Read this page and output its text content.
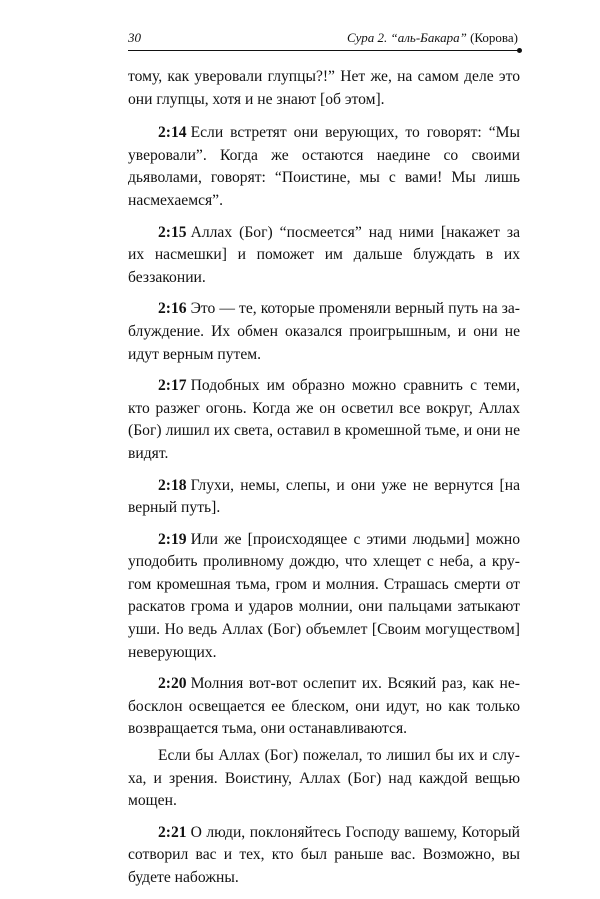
30	Сура 2. “аль-Бакара” (Корова)

тому, как уверовали глупцы?!” Нет же, на самом деле это они глупцы, хотя и не знают [об этом].

2:14 Если встретят они верующих, то говорят: “Мы уверовали”. Когда же остаются наедине со своими дьяволами, говорят: “Поистине, мы с вами! Мы лишь насмехаемся”.

2:15 Аллах (Бог) “посмеется” над ними [накажет за их насмешки] и поможет им дальше блуждать в их беззаконии.

2:16 Это — те, которые променяли верный путь на заблуждение. Их обмен оказался проигрышным, и они не идут верным путем.

2:17 Подобных им образно можно сравнить с теми, кто разжег огонь. Когда же он осветил все вокруг, Аллах (Бог) лишил их света, оставил в кромешной тьме, и они не видят.

2:18 Глухи, немы, слепы, и они уже не вернутся [на верный путь].

2:19 Или же [происходящее с этими людьми] можно уподобить проливному дождю, что хлещет с неба, а кругом кромешная тьма, гром и молния. Страшась смерти от раскатов грома и ударов молнии, они пальцами затыкают уши. Но ведь Аллах (Бог) объемлет [Своим могуществом] неверующих.

2:20 Молния вот-вот ослепит их. Всякий раз, как небосклон освещается ее блеском, они идут, но как только возвращается тьма, они останавливаются.

Если бы Аллах (Бог) пожелал, то лишил бы их и слуха, и зрения. Воистину, Аллах (Бог) над каждой вещью мощен.

2:21 О люди, поклоняйтесь Господу вашему, Который сотворил вас и тех, кто был раньше вас. Возможно, вы будете набожны.
